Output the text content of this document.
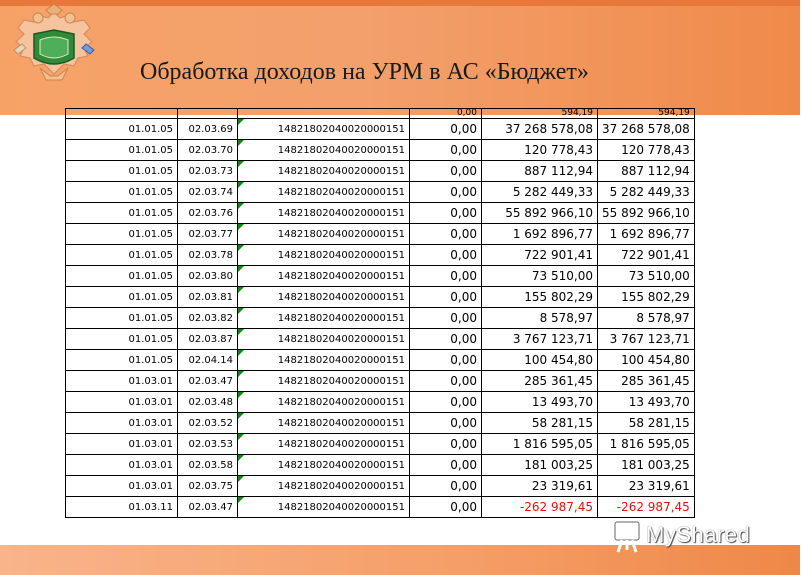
Обработка доходов на УРМ в АС «Бюджет»
			0,00	594,19	594,19
01.01.05	02.03.69	14821802040020000151	0,00	37 268 578,08	37 268 578,08
01.01.05	02.03.70	14821802040020000151	0,00	120 778,43	120 778,43
01.01.05	02.03.73	14821802040020000151	0,00	887 112,94	887 112,94
01.01.05	02.03.74	14821802040020000151	0,00	5 282 449,33	5 282 449,33
01.01.05	02.03.76	14821802040020000151	0,00	55 892 966,10	55 892 966,10
01.01.05	02.03.77	14821802040020000151	0,00	1 692 896,77	1 692 896,77
01.01.05	02.03.78	14821802040020000151	0,00	722 901,41	722 901,41
01.01.05	02.03.80	14821802040020000151	0,00	73 510,00	73 510,00
01.01.05	02.03.81	14821802040020000151	0,00	155 802,29	155 802,29
01.01.05	02.03.82	14821802040020000151	0,00	8 578,97	8 578,97
01.01.05	02.03.87	14821802040020000151	0,00	3 767 123,71	3 767 123,71
01.01.05	02.04.14	14821802040020000151	0,00	100 454,80	100 454,80
01.03.01	02.03.47	14821802040020000151	0,00	285 361,45	285 361,45
01.03.01	02.03.48	14821802040020000151	0,00	13 493,70	13 493,70
01.03.01	02.03.52	14821802040020000151	0,00	58 281,15	58 281,15
01.03.01	02.03.53	14821802040020000151	0,00	1 816 595,05	1 816 595,05
01.03.01	02.03.58	14821802040020000151	0,00	181 003,25	181 003,25
01.03.01	02.03.75	14821802040020000151	0,00	23 319,61	23 319,61
01.03.11	02.03.47	14821802040020000151	0,00	-262 987,45	-262 987,45
MyShared
